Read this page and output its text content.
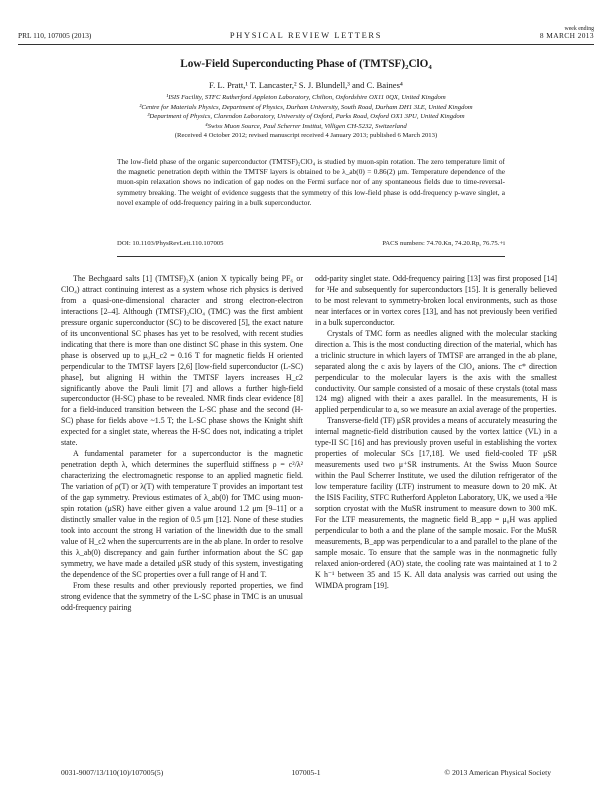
PRL 110, 107005 (2013)	PHYSICAL REVIEW LETTERS
week ending
8 MARCH 2013
Low-Field Superconducting Phase of (TMTSF)₂ClO₄
F. L. Pratt,¹ T. Lancaster,² S. J. Blundell,³ and C. Baines⁴
¹ISIS Facility, STFC Rutherford Appleton Laboratory, Chilton, Oxfordshire OX11 0QX, United Kingdom
²Centre for Materials Physics, Department of Physics, Durham University, South Road, Durham DH1 3LE, United Kingdom
³Department of Physics, Clarendon Laboratory, University of Oxford, Parks Road, Oxford OX1 3PU, United Kingdom
⁴Swiss Muon Source, Paul Scherrer Institut, Villigen CH-5232, Switzerland
(Received 4 October 2012; revised manuscript received 4 January 2013; published 6 March 2013)

The low-field phase of the organic superconductor (TMTSF)₂ClO₄ is studied by muon-spin rotation. The zero temperature limit of the magnetic penetration depth within the TMTSF layers is obtained to be λ_ab(0) = 0.86(2) μm. Temperature dependence of the muon-spin relaxation shows no indication of gap nodes on the Fermi surface nor of any spontaneous fields due to time-reversal-symmetry breaking. The weight of evidence suggests that the symmetry of this low-field phase is odd-frequency p-wave singlet, a novel example of odd-frequency pairing in a bulk superconductor.

DOI: 10.1103/PhysRevLett.110.107005	PACS numbers: 74.70.Kn, 74.20.Rp, 76.75.+i

The Bechgaard salts [1] (TMTSF)₂X (anion X typically being PF₆ or ClO₄) attract continuing interest as a system whose rich physics is derived from a quasi-one-dimensional character and strong electron-electron interactions [2–4]. Although (TMTSF)₂ClO₄ (TMC) was the first ambient pressure organic superconductor (SC) to be discovered [5], the exact nature of its unconventional SC phases has yet to be resolved, with recent studies indicating that there is more than one distinct SC phase in this system. One phase is observed up to μ₀H_c2 = 0.16 T for magnetic fields H oriented perpendicular to the TMTSF layers [2,6] [low-field superconductor (L-SC) phase], but aligning H within the TMTSF layers increases H_c2 significantly above the Pauli limit [7] and allows a further high-field superconductor (H-SC) phase to be revealed. NMR finds clear evidence [8] for a field-induced transition between the L-SC phase and the second (H-SC) phase for fields above ~1.5 T; the L-SC phase shows the Knight shift expected for a singlet state, whereas the H-SC does not, indicating a triplet state.

A fundamental parameter for a superconductor is the magnetic penetration depth λ, which determines the superfluid stiffness ρ = c²/λ² characterizing the electromagnetic response to an applied magnetic field. The variation of ρ(T) or λ(T) with temperature T provides an important test of the gap symmetry. Previous estimates of λ_ab(0) for TMC using muon-spin rotation (μSR) have either given a value around 1.2 μm [9–11] or a distinctly smaller value in the region of 0.5 μm [12]. None of these studies took into account the strong H variation of the linewidth due to the small value of H_c2 when the supercurrents are in the ab plane. In order to resolve this λ_ab(0) discrepancy and gain further information about the SC gap symmetry, we have made a detailed μSR study of this system, investigating the dependence of the SC properties over a full range of H and T.

From these results and other previously reported properties, we find strong evidence that the symmetry of the L-SC phase in TMC is an unusual odd-frequency pairing

odd-parity singlet state. Odd-frequency pairing [13] was first proposed [14] for ³He and subsequently for superconductors [15]. It is generally believed to be most relevant to symmetry-broken local environments, such as those near interfaces or in vortex cores [13], and has not previously been verified in a bulk superconductor.

Crystals of TMC form as needles aligned with the molecular stacking direction a. This is the most conducting direction of the material, which has a triclinic structure in which layers of TMTSF are arranged in the ab plane, separated along the c axis by layers of the ClO₄ anions. The c* direction perpendicular to the molecular layers is the axis with the smallest conductivity. Our sample consisted of a mosaic of these crystals (total mass 124 mg) aligned with their a axes parallel. In the measurements, H is applied perpendicular to a, so we measure an axial average of the properties.

Transverse-field (TF) μSR provides a means of accurately measuring the internal magnetic-field distribution caused by the vortex lattice (VL) in a type-II SC [16] and has previously proven useful in establishing the vortex properties of molecular SCs [17,18]. We used field-cooled TF μSR measurements used two μ⁺SR instruments. At the Swiss Muon Source within the Paul Scherrer Institute, we used the dilution refrigerator of the low temperature facility (LTF) instrument to measure down to 20 mK. At the ISIS Facility, STFC Rutherford Appleton Laboratory, UK, we used a ³He sorption cryostat with the MuSR instrument to measure down to 300 mK. For the LTF measurements, the magnetic field B_app = μ₀H was applied perpendicular to both a and the plane of the sample mosaic. For the MuSR measurements, B_app was perpendicular to a and parallel to the plane of the sample mosaic. To ensure that the sample was in the nonmagnetic fully relaxed anion-ordered (AO) state, the cooling rate was maintained at 1 to 2 K h⁻¹ between 35 and 15 K. All data analysis was carried out using the WIMDA program [19].

0031-9007/13/110(10)/107005(5)	107005-1	© 2013 American Physical Society
